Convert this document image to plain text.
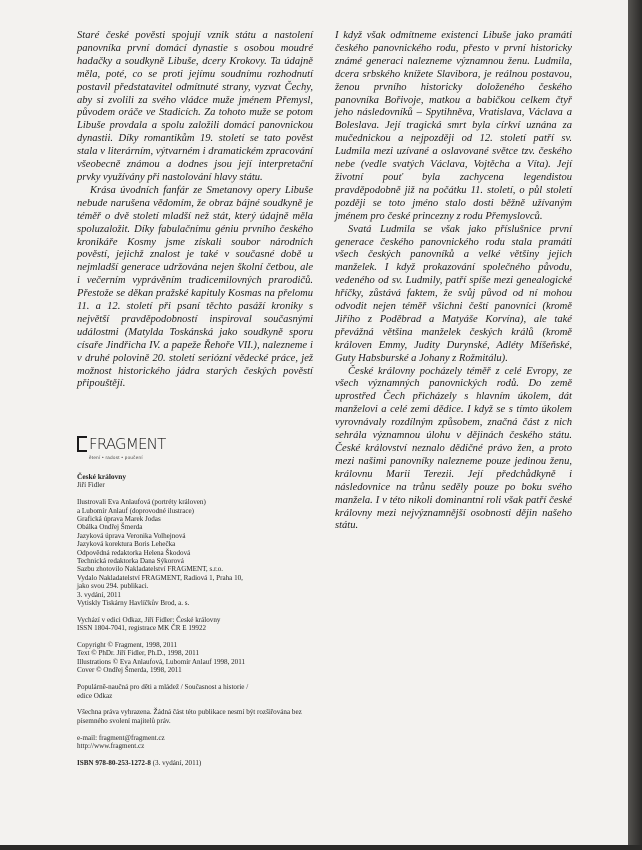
Staré české pověsti spojují vznik státu a nastolení panovníka první domácí dynastie s osobou moudré hadačky a soudkyně Libuše, dcery Krokovy. Ta údajně měla, poté, co se proti jejímu soudnímu rozhodnutí postavil předstatavitel odmítnuté strany, vyzvat Čechy, aby si zvolili za svého vládce muže jménem Přemysl, původem oráče ve Stadicích. Za tohoto muže se potom Libuše provdala a spolu založili domácí panovnickou dynastii. Díky romantikům 19. století se tato pověst stala v literárním, výtvarném i dramatickém zpracování všeobecně známou a dodnes jsou její interpretační prvky využívány při nastolování hlavy státu.

Krása úvodních fanfár ze Smetanovy opery Libuše nebude narušena vědomím, že obraz bájné soudkyně je téměř o dvě století mladší než stát, který údajně měla spoluzaložit. Díky fabulačnímu géniu prvního českého kronikáře Kosmy jsme získali soubor národních pověstí, jejichž znalost je také v současné době u nejmladší generace udržována nejen školní četbou, ale i večerním vyprávěním tradicemilovných prarodičů. Přestože se děkan pražské kapituly Kosmas na přelomu 11. a 12. století při psaní těchto pasáží kroniky s největší pravděpodobností inspiroval současnými událostmi (Matylda Toskánská jako soudkyně sporu císaře Jindřicha IV. a papeže Řehoře VII.), nalezneme i v druhé polovině 20. století seriózní vědecké práce, jež možnost historického jádra starých českých pověstí připouštějí.

I když však odmítneme existenci Libuše jako pramáti českého panovnického rodu, přesto v první historicky známé generaci nalezneme významnou ženu. Ludmila, dcera srbského knížete Slavibora, je reálnou postavou, ženou prvního historicky doloženého českého panovníka Bořivoje, matkou a babičkou celkem čtyř jeho následovníků – Spytihněva, Vratislava, Václava a Boleslava. Její tragická smrt byla církví uznána za mučednickou a nejpozději od 12. století patří sv. Ludmila mezi uzívané a oslavované světce tzv. českého nebe (vedle svatých Václava, Vojtěcha a Víta). Její životní pouť byla zachycena legendistou pravděpodobně již na počátku 11. století, o půl století později se toto jméno stalo dosti běžně užívaným jménem pro české princezny z rodu Přemyslovců.

Svatá Ludmila se však jako příslušnice první generace českého panovnického rodu stala pramáti všech českých panovníků a velké většiny jejich manželek. I když prokazování společného původu, vedeného od sv. Ludmily, patří spíše mezi genealogické hříčky, zůstává faktem, že svůj původ od ní mohou odvodit nejen téměř všichni čeští panovníci (kromě Jiřího z Poděbrad a Matyáše Korvína), ale také převážná většina manželek českých králů (kromě královen Emmy, Judity Durynské, Adléty Míšeňské, Guty Habsburské a Johany z Rožmitálu).

České královny pocházely téměř z celé Evropy, ze všech významných panovnických rodů. Do země uprostřed Čech přicházely s hlavním úkolem, dát manželovi a celé zemi dědice. I když se s tímto úkolem vyrovnávaly rozdílným způsobem, značná část z nich sehrála významnou úlohu v dějinách českého státu. České království neznalo dědičné právo žen, a proto mezi našimi panovníky nalezneme pouze jedinou ženu, královnu Marii Terezii. Její předchůdkyně i následovnice na trůnu seděly pouze po boku svého manžela. I v této nikoli dominantní roli však patří české královny mezi nejvýznamnější osobnosti dějin našeho státu.

FRAGMENT
ětení • radost • poučení
České královny
Jiří Fidler
Ilustrovali Eva Anlaufová (portréty královen)
a Lubomír Anlauf (doprovodné ilustrace)
Grafická úprava Marek Jodas
Obálka Ondřej Šmerda
Jazyková úprava Veronika Volhejnová
Jazyková korektura Boris Lehečka
Odpovědná redaktorka Helena Škodová
Technická redaktorka Dana Sýkorová
Sazbu zhotovilo Nakladatelství FRAGMENT, s.r.o.
Vydalo Nakladatelství FRAGMENT, Radiová 1, Praha 10,
jako svou 294. publikaci.
3. vydání, 2011
Vytiskly Tiskárny Havlíčkův Brod, a. s.
Vychází v edici Odkaz, Jiří Fidler: České královny
ISSN 1804-7041, registrace MK ČR E 19922
Copyright © Fragment, 1998, 2011
Text © PhDr. Jiří Fidler, Ph.D., 1998, 2011
Illustrations © Eva Anlaufová, Lubomír Anlauf 1998, 2011
Cover © Ondřej Šmerda, 1998, 2011
Populárně-naučná pro děti a mládež / Současnost a historie /
edice Odkaz
Všechna práva vyhrazena. Žádná část této publikace nesmí být rozšiřována bez písemného svolení majitelů práv.
e-mail: fragment@fragment.cz
http://www.fragment.cz
ISBN 978-80-253-1272-8 (3. vydání, 2011)
